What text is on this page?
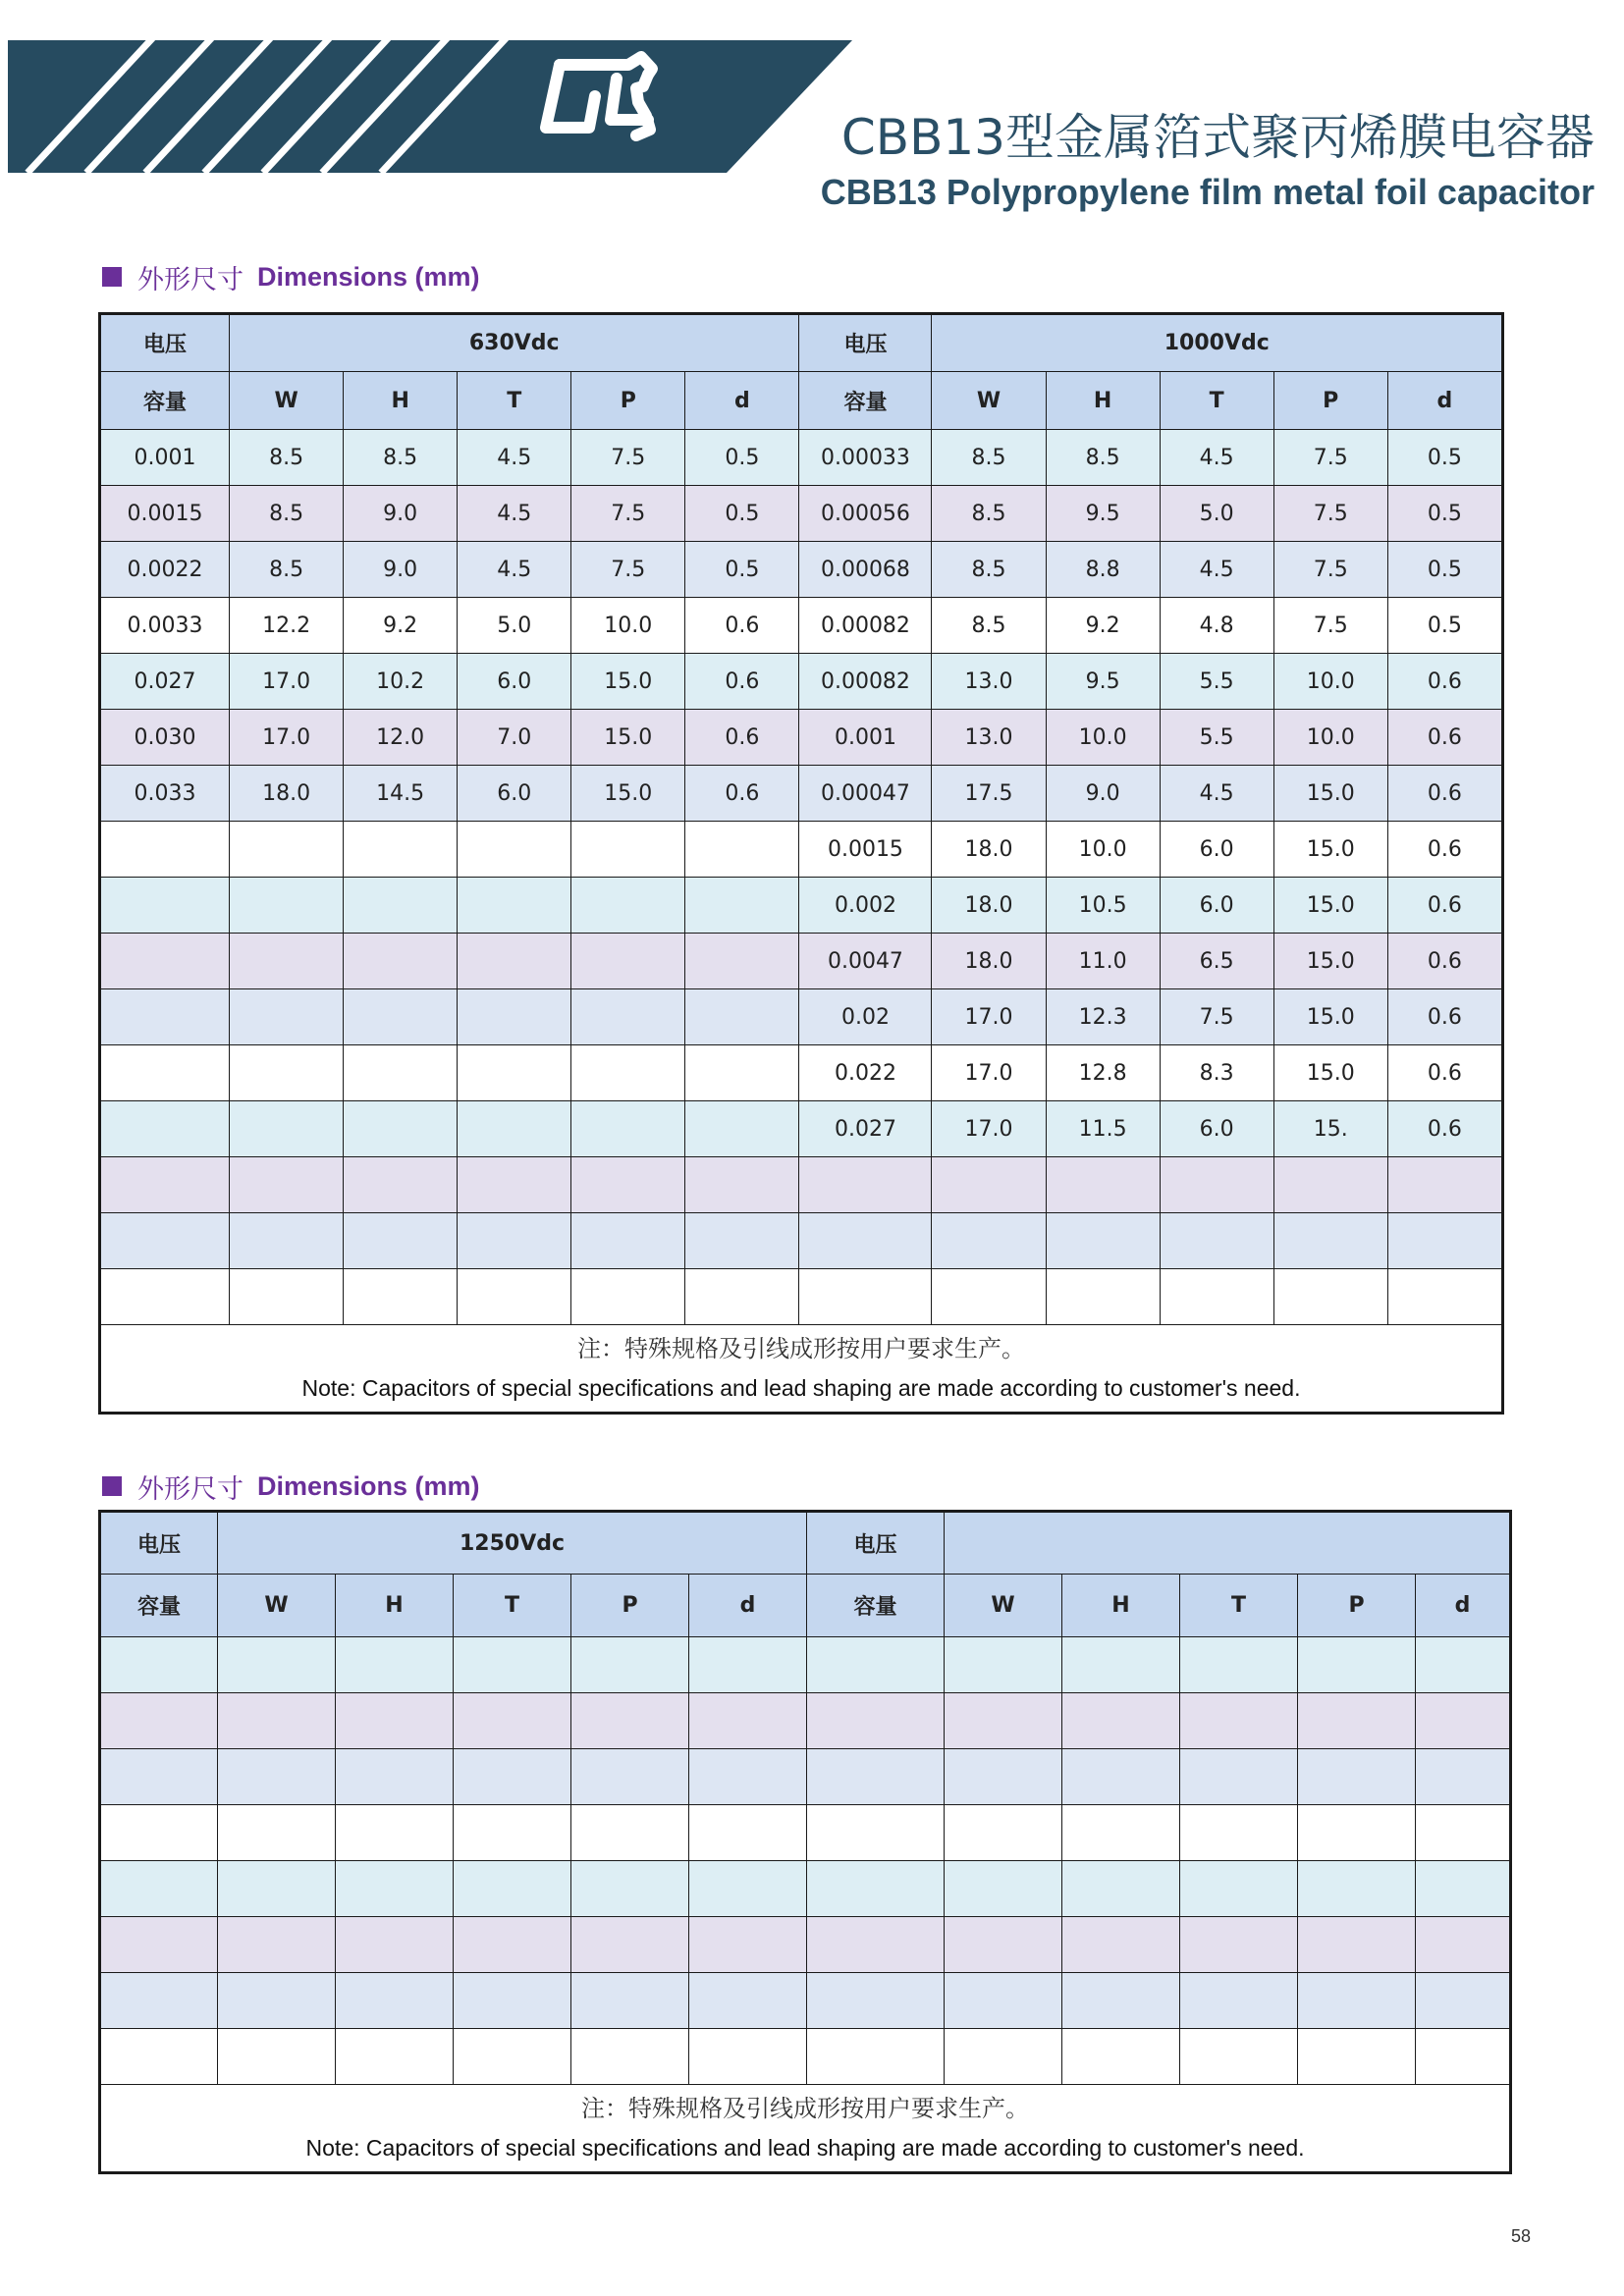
CBB13型金属箔式聚丙烯膜电容器
CBB13 Polypropylene film metal foil capacitor
外形尺寸 Dimensions (mm)
电压	630Vdc					电压	1000Vdc				
容量	W	H	T	P	d	容量	W	H	T	P	d
0.001	8.5	8.5	4.5	7.5	0.5	0.00033	8.5	8.5	4.5	7.5	0.5
0.0015	8.5	9.0	4.5	7.5	0.5	0.00056	8.5	9.5	5.0	7.5	0.5
0.0022	8.5	9.0	4.5	7.5	0.5	0.00068	8.5	8.8	4.5	7.5	0.5
0.0033	12.2	9.2	5.0	10.0	0.6	0.00082	8.5	9.2	4.8	7.5	0.5
0.027	17.0	10.2	6.0	15.0	0.6	0.00082	13.0	9.5	5.5	10.0	0.6
0.030	17.0	12.0	7.0	15.0	0.6	0.001	13.0	10.0	5.5	10.0	0.6
0.033	18.0	14.5	6.0	15.0	0.6	0.00047	17.5	9.0	4.5	15.0	0.6
						0.0015	18.0	10.0	6.0	15.0	0.6
						0.002	18.0	10.5	6.0	15.0	0.6
						0.0047	18.0	11.0	6.5	15.0	0.6
						0.02	17.0	12.3	7.5	15.0	0.6
						0.022	17.0	12.8	8.3	15.0	0.6
						0.027	17.0	11.5	6.0	15.	0.6

注：特殊规格及引线成形按用户要求生产。
Note: Capacitors of special specifications and lead shaping are made according to customer's need.											
外形尺寸 Dimensions (mm)
电压	1250Vdc					电压					
容量	W	H	T	P	d	容量	W	H	T	P	d

注：特殊规格及引线成形按用户要求生产。
Note: Capacitors of special specifications and lead shaping are made according to customer's need.											
58
